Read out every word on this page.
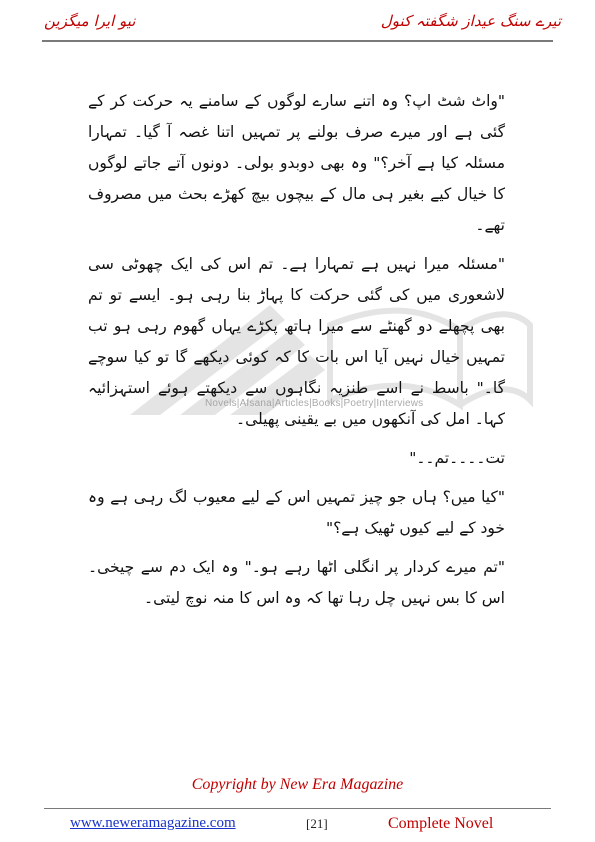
نیو ایرا میگزین	تیرے سنگ عیداز شگفتہ کنول
Novels|Afsana|Articles|Books|Poetry|Interviews

"واٹ شٹ اپ؟ وہ اتنے سارے لوگوں کے سامنے یہ حرکت کر کے گئی ہے اور میرے صرف بولنے پر تمہیں اتنا غصہ آ گیا۔ تمہارا مسئلہ کیا ہے آخر؟" وہ بھی دوبدو بولی۔ دونوں آتے جاتے لوگوں کا خیال کیے بغیر ہی مال کے بیچوں بیچ کھڑے بحث میں مصروف تھے۔

"مسئلہ میرا نہیں ہے تمہارا ہے۔ تم اس کی ایک چھوٹی سی لاشعوری میں کی گئی حرکت کا پہاڑ بنا رہی ہو۔ ایسے تو تم بھی پچھلے دو گھنٹے سے میرا ہاتھ پکڑے یہاں گھوم رہی ہو تب تمہیں خیال نہیں آیا اس بات کا کہ کوئی دیکھے گا تو کیا سوچے گا۔" باسط نے اسے طنزیہ نگاہوں سے دیکھتے ہوئے استہزائیہ کہا۔ امل کی آنکھوں میں بے یقینی پھیلی۔

تت۔۔۔۔تم۔۔"

"کیا میں؟ ہاں جو چیز تمہیں اس کے لیے معیوب لگ رہی ہے وہ خود کے لیے کیوں ٹھیک ہے؟"

"تم میرے کردار پر انگلی اٹھا رہے ہو۔" وہ ایک دم سے چیخی۔ اس کا بس نہیں چل رہا تھا کہ وہ اس کا منہ نوچ لیتی۔

Copyright by New Era Magazine
www.neweramagazine.com	[21]	Complete Novel
